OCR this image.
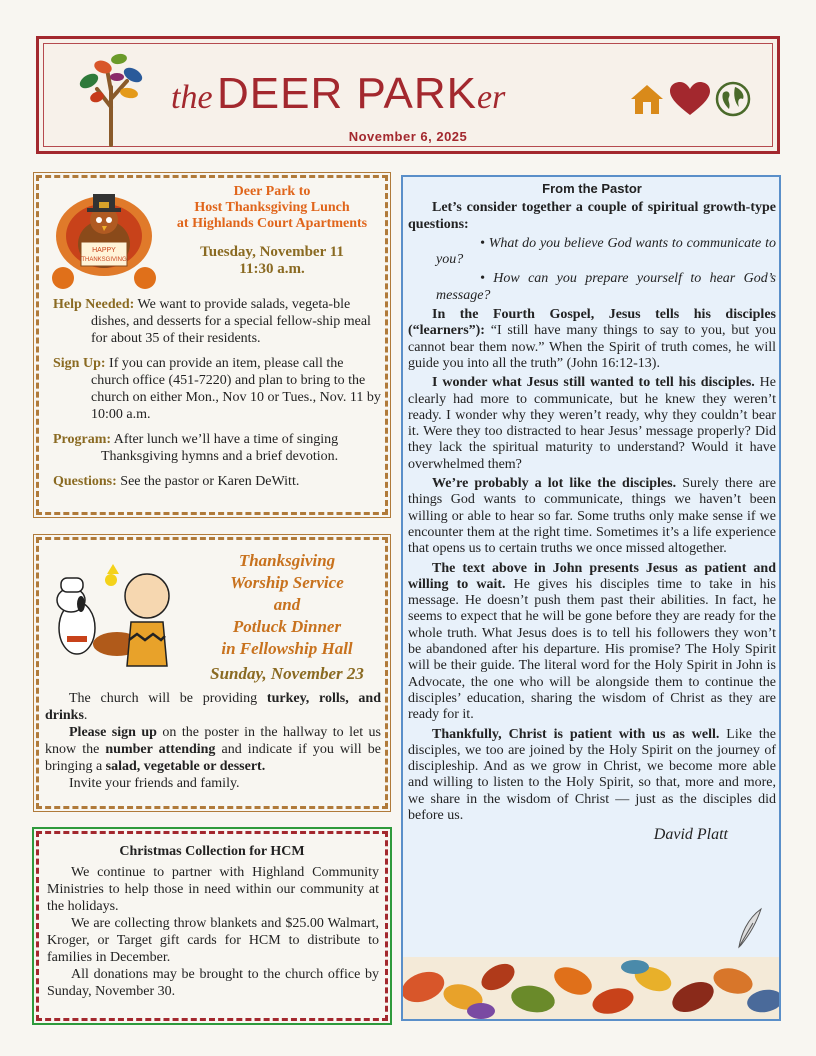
the DEER PARKer
November 6, 2025
HAPPY
THANKSGIVING
Deer Park to
Host Thanksgiving Lunch
at Highlands Court Apartments
Tuesday, November 11
11:30 a.m.

Help Needed: We want to provide salads, vegeta-ble dishes, and desserts for a special fellow-ship meal for about 35 of their residents.

Sign Up: If you can provide an item, please call the church office (451-7220) and plan to bring to the church on either Mon., Nov 10 or Tues., Nov. 11 by 10:00 a.m.

Program: After lunch we’ll have a time of singing Thanksgiving hymns and a brief devotion.

Questions: See the pastor or Karen DeWitt.

Thanksgiving
Worship Service
and
Potluck Dinner
in Fellowship Hall
Sunday, November 23
The church will be providing turkey, rolls, and drinks.
Please sign up on the poster in the hallway to let us know the number attending and indicate if you will be bringing a salad, vegetable or dessert.
Invite your friends and family.
Christmas Collection for HCM
We continue to partner with Highland Community Ministries to help those in need within our community at the holidays.
We are collecting throw blankets and $25.00 Walmart, Kroger, or Target gift cards for HCM to distribute to families in December.
All donations may be brought to the church office by Sunday, November 30.
From the Pastor

Let’s consider together a couple of spiritual growth-type questions:

• What do you believe God wants to communicate to you?

• How can you prepare yourself to hear God’s message?

In the Fourth Gospel, Jesus tells his disciples (“learners”): “I still have many things to say to you, but you cannot bear them now.” When the Spirit of truth comes, he will guide you into all the truth” (John 16:12-13).

I wonder what Jesus still wanted to tell his disciples. He clearly had more to communicate, but he knew they weren’t ready. I wonder why they weren’t ready, why they couldn’t bear it. Were they too distracted to hear Jesus’ message properly? Did they lack the spiritual maturity to understand? Would it have overwhelmed them?

We’re probably a lot like the disciples. Surely there are things God wants to communicate, things we haven’t been willing or able to hear so far. Some truths only make sense if we encounter them at the right time. Sometimes it’s a life experience that opens us to certain truths we once missed altogether.

The text above in John presents Jesus as patient and willing to wait. He gives his disciples time to take in his message. He doesn’t push them past their abilities. In fact, he seems to expect that he will be gone before they are ready for the whole truth. What Jesus does is to tell his followers they won’t be abandoned after his departure. His promise? The Holy Spirit will be their guide. The literal word for the Holy Spirit in John is Advocate, the one who will be alongside them to continue the disciples’ education, sharing the wisdom of Christ as they are ready for it.

Thankfully, Christ is patient with us as well. Like the disciples, we too are joined by the Holy Spirit on the journey of discipleship. And as we grow in Christ, we become more able and willing to listen to the Holy Spirit, so that, more and more, we share in the wisdom of Christ — just as the disciples did before us.

David Platt
